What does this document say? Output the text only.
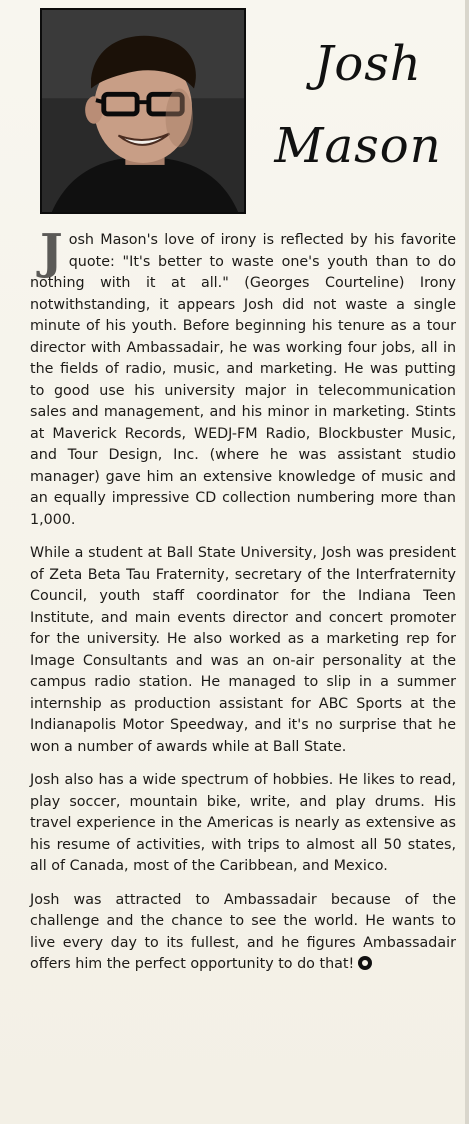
Josh
Mason

Josh Mason's love of irony is reflected by his favorite quote: "It's better to waste one's youth than to do nothing with it at all." (Georges Courteline) Irony notwithstanding, it appears Josh did not waste a single minute of his youth. Before beginning his tenure as a tour director with Ambassadair, he was working four jobs, all in the fields of radio, music, and marketing. He was putting to good use his university major in telecommunication sales and management, and his minor in marketing. Stints at Maverick Records, WEDJ-FM Radio, Blockbuster Music, and Tour Design, Inc. (where he was assistant studio manager) gave him an extensive knowledge of music and an equally impressive CD collection numbering more than 1,000.

While a student at Ball State University, Josh was president of Zeta Beta Tau Fraternity, secretary of the Interfraternity Council, youth staff coordinator for the Indiana Teen Institute, and main events director and concert promoter for the university. He also worked as a marketing rep for Image Consultants and was an on-air personality at the campus radio station. He managed to slip in a summer internship as production assistant for ABC Sports at the Indianapolis Motor Speedway, and it's no surprise that he won a number of awards while at Ball State.

Josh also has a wide spectrum of hobbies. He likes to read, play soccer, mountain bike, write, and play drums. His travel experience in the Americas is nearly as extensive as his resume of activities, with trips to almost all 50 states, all of Canada, most of the Caribbean, and Mexico.

Josh was attracted to Ambassadair because of the challenge and the chance to see the world. He wants to live every day to its fullest, and he figures Ambassadair offers him the perfect opportunity to do that!
